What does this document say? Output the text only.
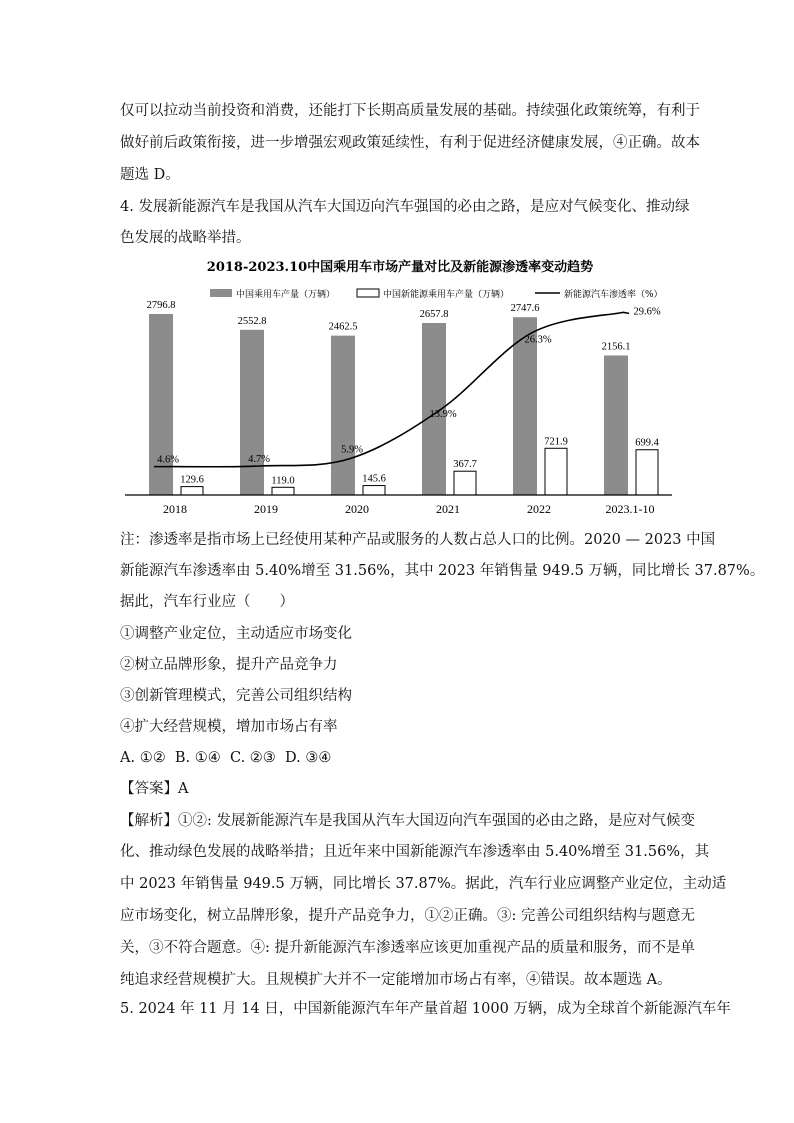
仅可以拉动当前投资和消费，还能打下长期高质量发展的基础。持续强化政策统筹，有利于
做好前后政策衔接，进一步增强宏观政策延续性，有利于促进经济健康发展，④正确。故本
题选 D。
4. 发展新能源汽车是我国从汽车大国迈向汽车强国的必由之路，是应对气候变化、推动绿
色发展的战略举措。
2018-2023.10中国乘用车市场产量对比及新能源渗透率变动趋势
中国乘用车产量（万辆）	中国新能源乘用车产量（万辆）	新能源汽车渗透率（%）
2796.8
129.6
2552.8
119.0
2462.5
145.6
2657.8
367.7
2747.6
721.9
2156.1
699.4
4.6%	4.7%
5.9%
13.9%
26.3%
29.6%
2018	2019	2020	2021	2022	2023.1-10
注：渗透率是指市场上已经使用某种产品或服务的人数占总人口的比例。2020 — 2023 中国
新能源汽车渗透率由 5.40%增至 31.56%，其中 2023 年销售量 949.5 万辆，同比增长 37.87%。
据此，汽车行业应（　　）
①调整产业定位，主动适应市场变化
②树立品牌形象，提升产品竞争力
③创新管理模式，完善公司组织结构
④扩大经营规模，增加市场占有率
A. ①②  B. ①④  C. ②③  D. ③④
【答案】A
【解析】①②: 发展新能源汽车是我国从汽车大国迈向汽车强国的必由之路，是应对气候变
化、推动绿色发展的战略举措；且近年来中国新能源汽车渗透率由 5.40%增至 31.56%，其
中 2023 年销售量 949.5 万辆，同比增长 37.87%。据此，汽车行业应调整产业定位，主动适
应市场变化，树立品牌形象，提升产品竞争力，①②正确。③: 完善公司组织结构与题意无
关，③不符合题意。④: 提升新能源汽车渗透率应该更加重视产品的质量和服务，而不是单
纯追求经营规模扩大。且规模扩大并不一定能增加市场占有率，④错误。故本题选 A。
5. 2024 年 11 月 14 日，中国新能源汽车年产量首超 1000 万辆，成为全球首个新能源汽车年
